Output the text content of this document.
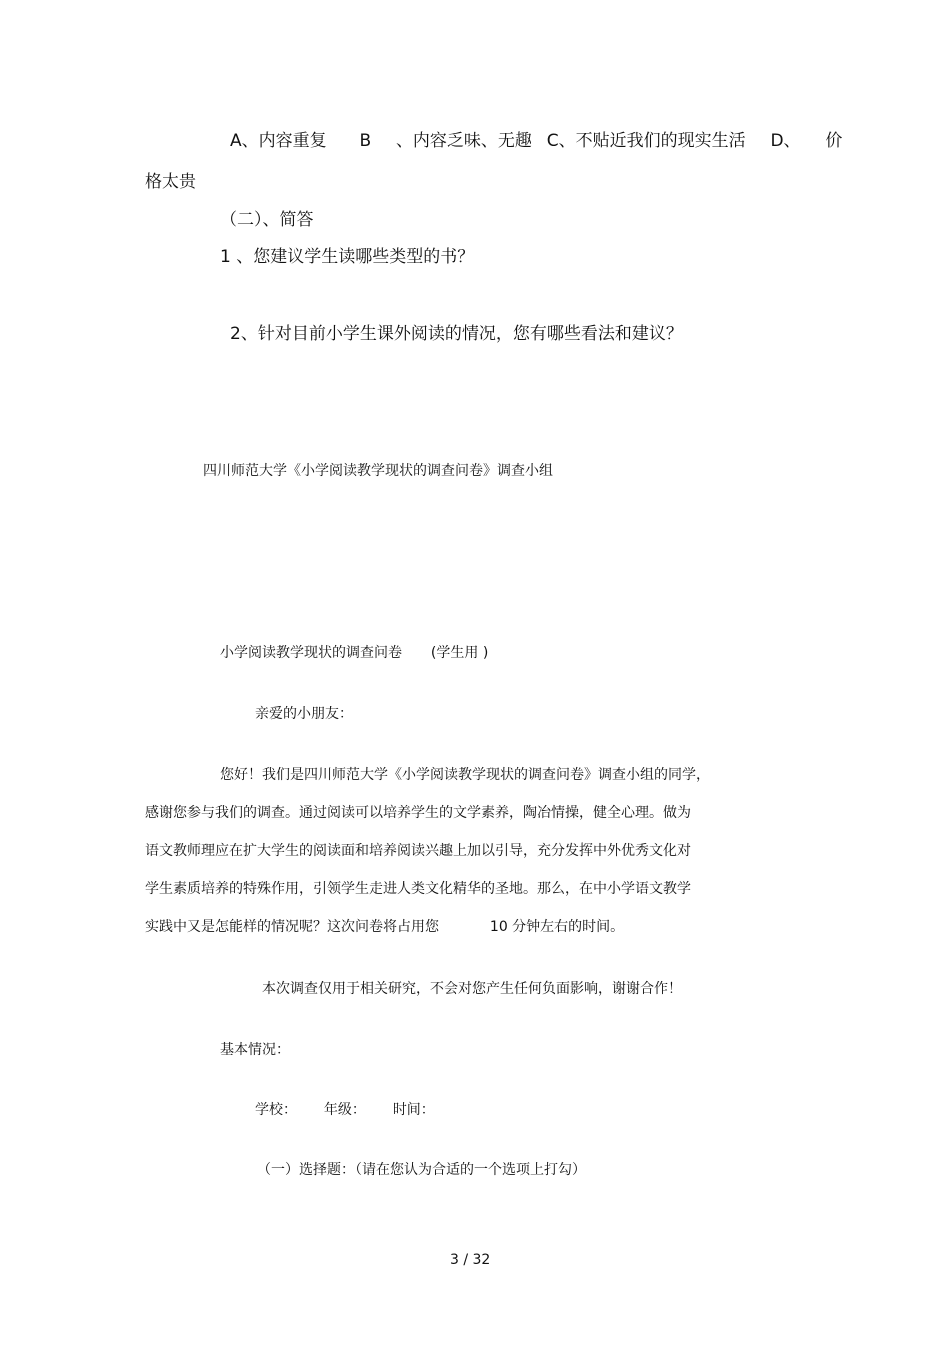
A、内容重复 B 、内容乏味、无趣 C、不贴近我们的现实生活 D、 价
格太贵
（二）、简答
1 、您建议学生读哪些类型的书？
2、针对目前小学生课外阅读的情况，您有哪些看法和建议？
四川师范大学《小学阅读教学现状的调查问卷》调查小组
小学阅读教学现状的调查问卷 (学生用 )
亲爱的小朋友：
您好！我们是四川师范大学《小学阅读教学现状的调查问卷》调查小组的同学，
感谢您参与我们的调查。通过阅读可以培养学生的文学素养，陶冶情操，健全心理。做为
语文教师理应在扩大学生的阅读面和培养阅读兴趣上加以引导，充分发挥中外优秀文化对
学生素质培养的特殊作用，引领学生走进人类文化精华的圣地。那么，在中小学语文教学
实践中又是怎能样的情况呢？这次问卷将占用您	10 分钟左右的时间。
本次调查仅用于相关研究，不会对您产生任何负面影响，谢谢合作！
基本情况：
学校： 年级： 时间：
（一）选择题：（请在您认为合适的一个选项上打勾）
3 / 32
